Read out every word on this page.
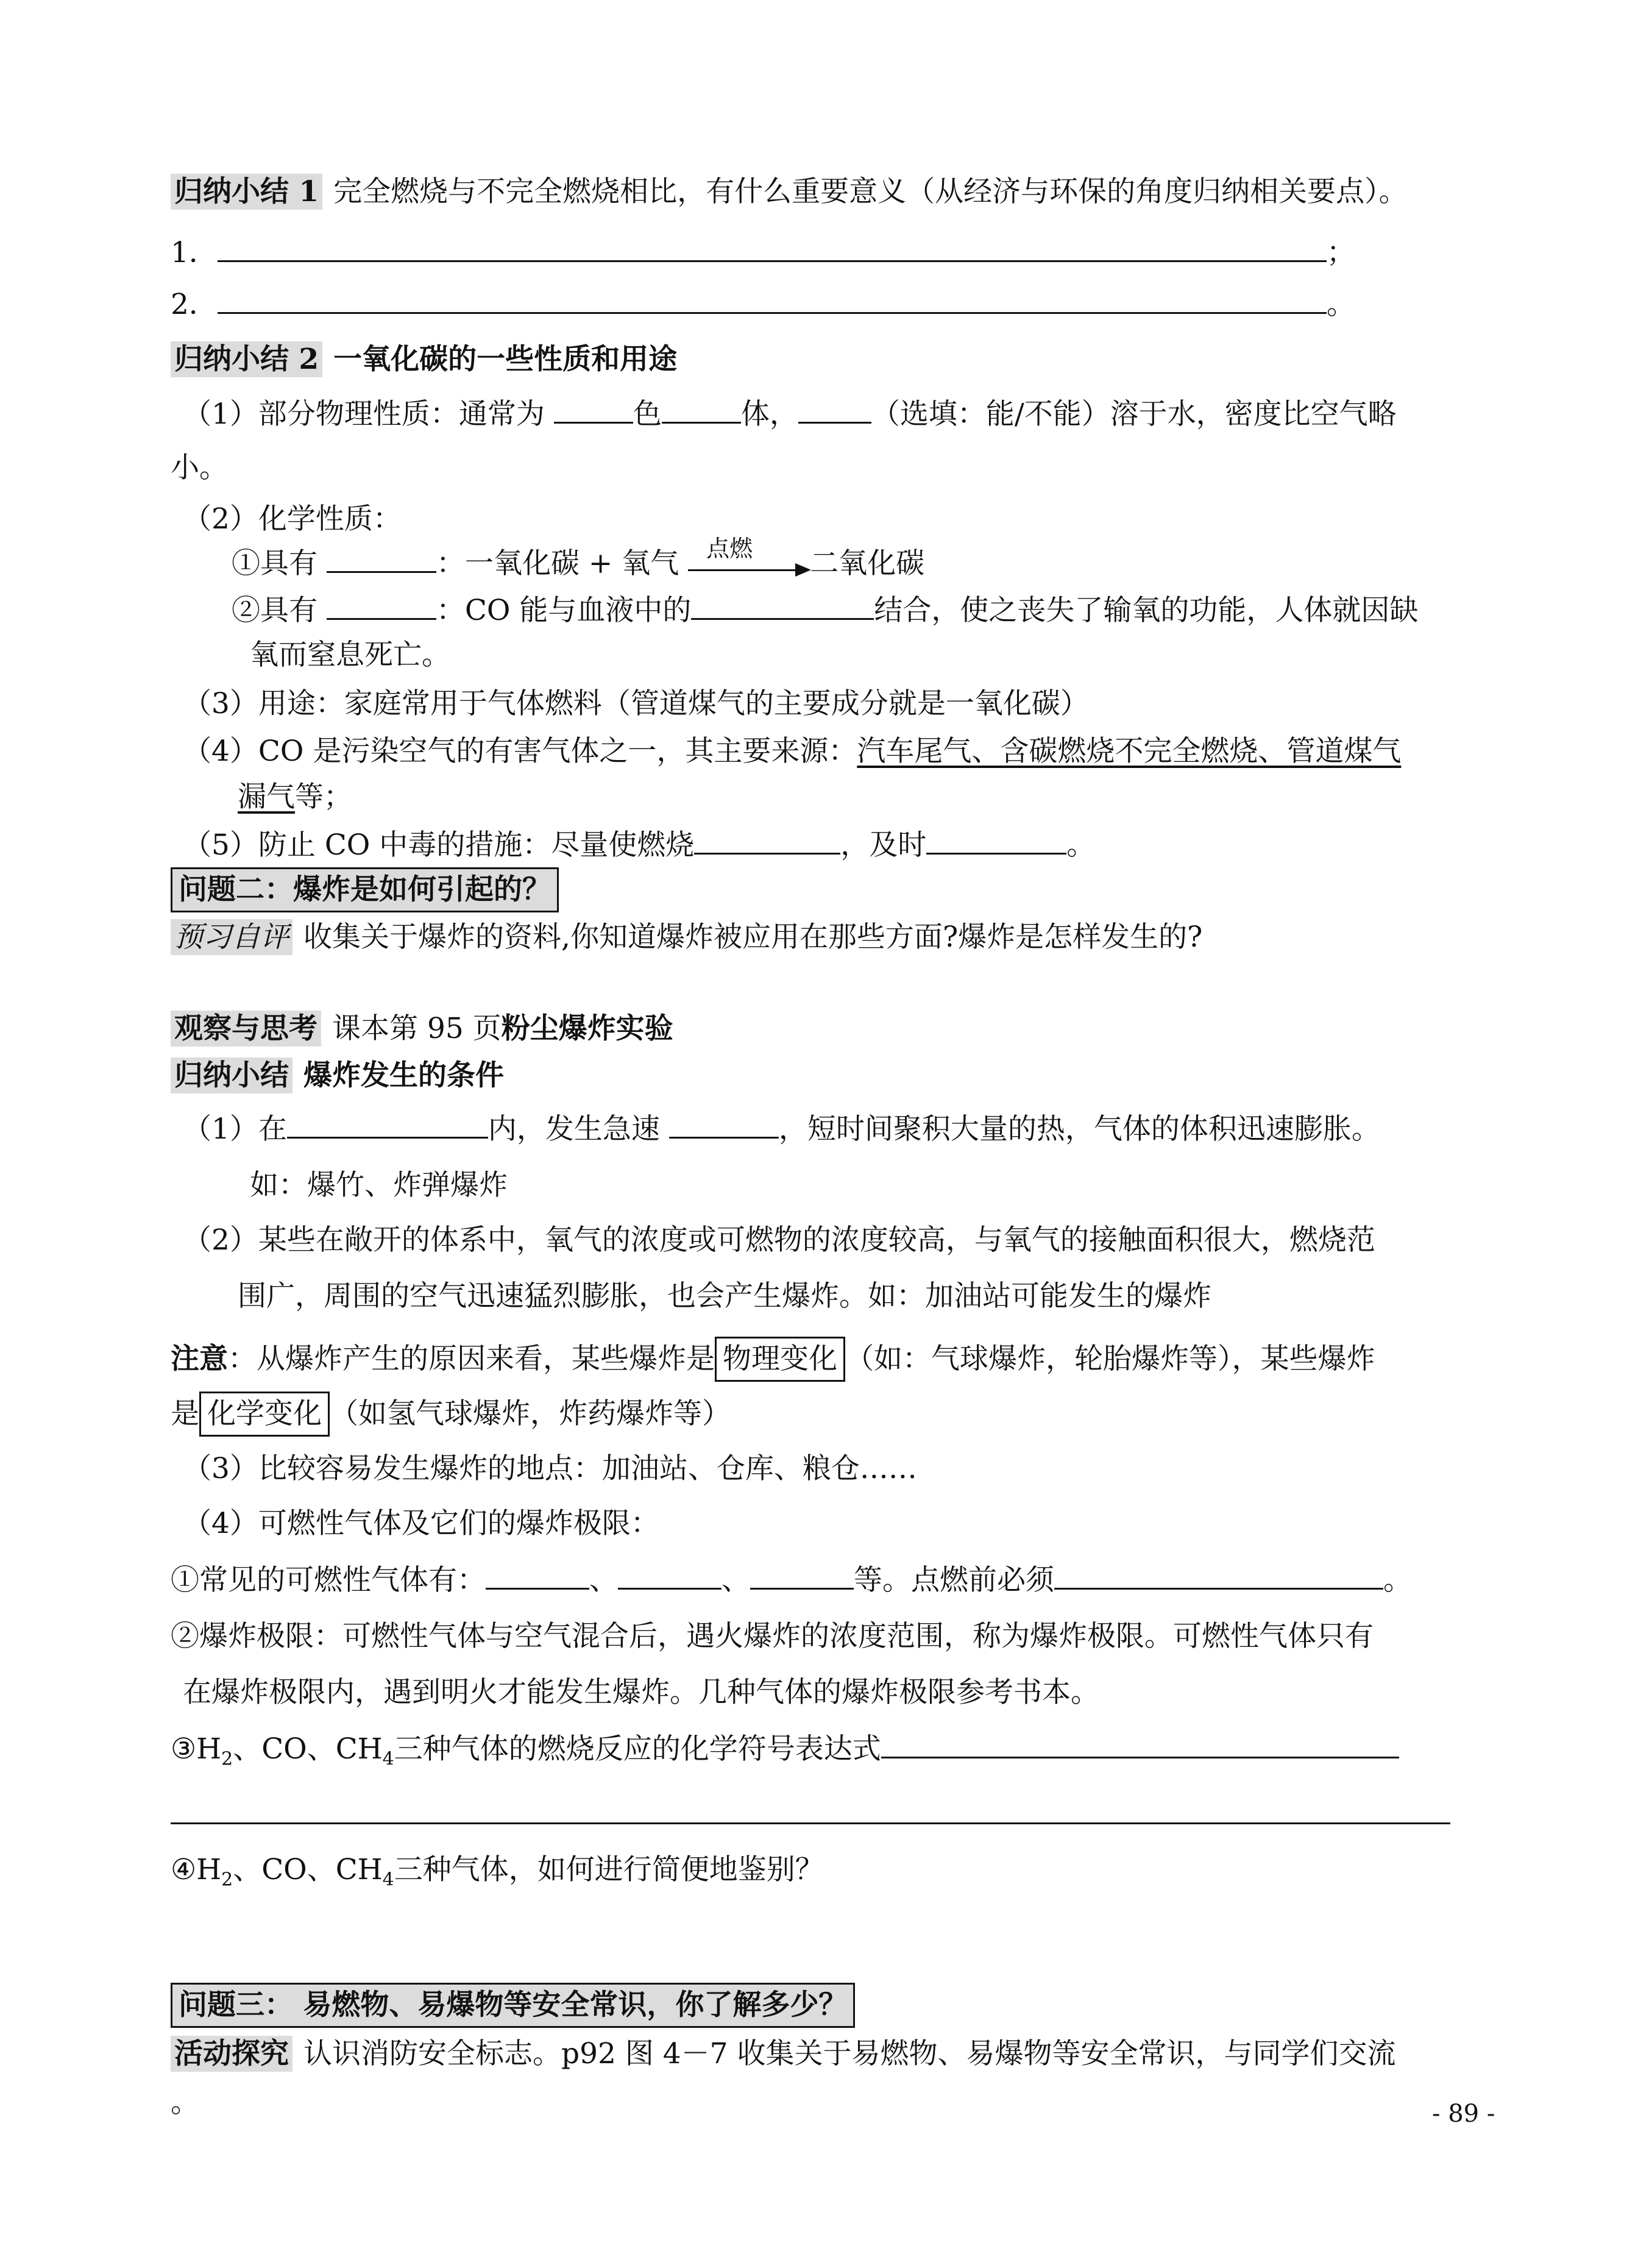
归纳小结 1 完全燃烧与不完全燃烧相比，有什么重要意义（从经济与环保的角度归纳相关要点）。
1．	；
2．	。
归纳小结 2 一氧化碳的一些性质和用途
（1）部分物理性质：通常为	色	体，	（选填：能/不能）溶于水，密度比空气略
小。
（2）化学性质：
①具有	：一氧化碳 + 氧气 点燃 二氧化碳
②具有	：CO 能与血液中的	结合，使之丧失了输氧的功能，人体就因缺
氧而窒息死亡。
（3）用途：家庭常用于气体燃料（管道煤气的主要成分就是一氧化碳）
（4）CO 是污染空气的有害气体之一，其主要来源：汽车尾气、含碳燃烧不完全燃烧、管道煤气
漏气等；
（5）防止 CO 中毒的措施：尽量使燃烧	，及时	。
问题二：爆炸是如何引起的？
预习自评 收集关于爆炸的资料,你知道爆炸被应用在那些方面?爆炸是怎样发生的?
观察与思考 课本第 95 页粉尘爆炸实验
归纳小结 爆炸发生的条件
（1）在	内，发生急速	，短时间聚积大量的热，气体的体积迅速膨胀。
如：爆竹、炸弹爆炸
（2）某些在敞开的体系中，氧气的浓度或可燃物的浓度较高，与氧气的接触面积很大，燃烧范
围广，周围的空气迅速猛烈膨胀，也会产生爆炸。如：加油站可能发生的爆炸
注意：从爆炸产生的原因来看，某些爆炸是 物理变化 （如：气球爆炸，轮胎爆炸等），某些爆炸
是 化学变化 （如氢气球爆炸，炸药爆炸等）
（3）比较容易发生爆炸的地点：加油站、仓库、粮仓……
（4）可燃性气体及它们的爆炸极限：
①常见的可燃性气体有：	、	、	等。点燃前必须	。
②爆炸极限：可燃性气体与空气混合后，遇火爆炸的浓度范围，称为爆炸极限。可燃性气体只有
在爆炸极限内，遇到明火才能发生爆炸。几种气体的爆炸极限参考书本。
$③H_2$、CO、$CH_4$三种气体的燃烧反应的化学符号表达式
$④H_2$、CO、$CH_4$三种气体，如何进行简便地鉴别？
问题三： 易燃物、易爆物等安全常识，你了解多少？
活动探究 认识消防安全标志。p92 图 4－7 收集关于易燃物、易爆物等安全常识，与同学们交流
。	- 89 -
